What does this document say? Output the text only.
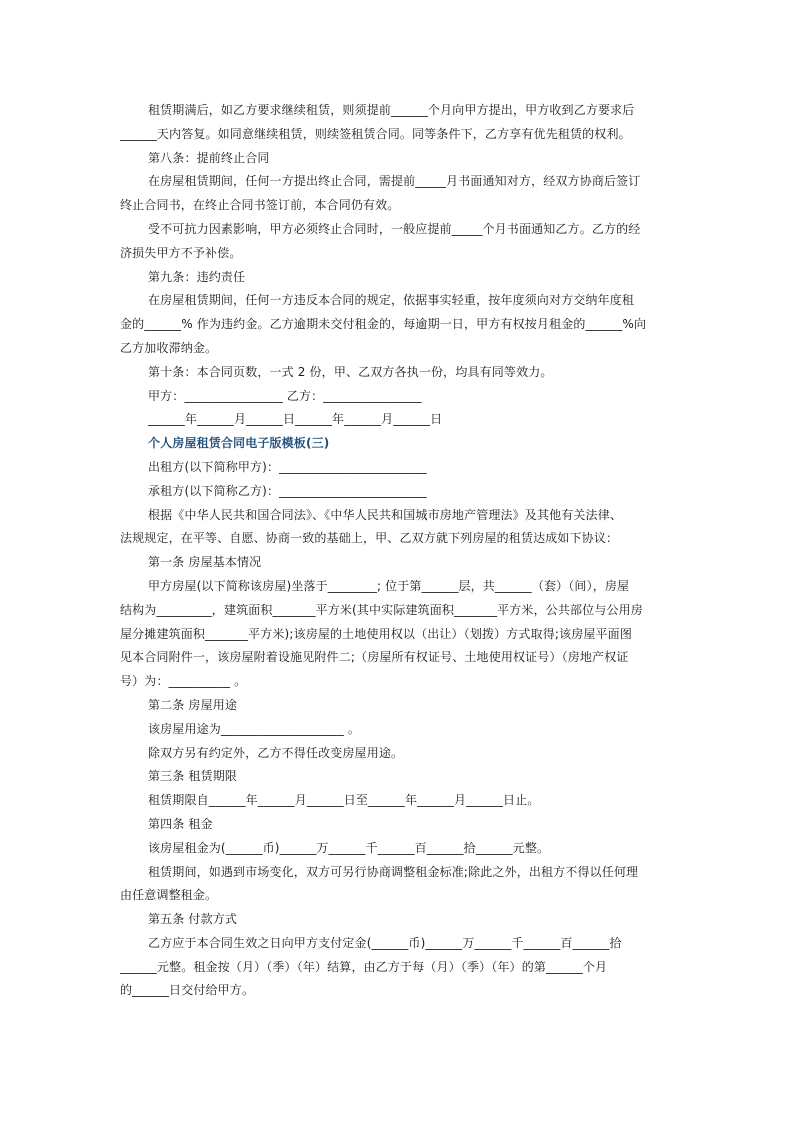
租赁期满后，如乙方要求继续租赁，则须提前______个月向甲方提出，甲方收到乙方要求后

______天内答复。如同意继续租赁，则续签租赁合同。同等条件下，乙方享有优先租赁的权利。

第八条：提前终止合同

在房屋租赁期间，任何一方提出终止合同，需提前_____月书面通知对方，经双方协商后签订

终止合同书，在终止合同书签订前，本合同仍有效。

受不可抗力因素影响，甲方必须终止合同时，一般应提前_____个月书面通知乙方。乙方的经

济损失甲方不予补偿。

第九条：违约责任

在房屋租赁期间，任何一方违反本合同的规定，依据事实轻重，按年度须向对方交纳年度租

金的______% 作为违约金。乙方逾期未交付租金的，每逾期一日，甲方有权按月租金的______%向

乙方加收滞纳金。

第十条：本合同页数，一式 2 份，甲、乙双方各执一份，均具有同等效力。

甲方：________________ 乙方：________________

______年______月______日______年______月______日

个人房屋租赁合同电子版模板(三)

出租方(以下简称甲方)：________________________

承租方(以下简称乙方)：________________________

根据《中华人民共和国合同法》、《中华人民共和国城市房地产管理法》及其他有关法律、

法规规定，在平等、自愿、协商一致的基础上，甲、乙双方就下列房屋的租赁达成如下协议：

第一条 房屋基本情况

甲方房屋(以下简称该房屋)坐落于________; 位于第______层，共______（套）（间），房屋

结构为_________，建筑面积_______平方米(其中实际建筑面积_______平方米，公共部位与公用房

屋分摊建筑面积_______平方米);该房屋的土地使用权以（出让）（划拨）方式取得;该房屋平面图

见本合同附件一，该房屋附着设施见附件二;（房屋所有权证号、土地使用权证号）（房地产权证

号）为：__________ 。

第二条 房屋用途

该房屋用途为____________________ 。

除双方另有约定外，乙方不得任改变房屋用途。

第三条 租赁期限

租赁期限自______年______月______日至______年______月______日止。

第四条 租金

该房屋租金为(______币)______万______千______百______拾______元整。

租赁期间，如遇到市场变化，双方可另行协商调整租金标准;除此之外，出租方不得以任何理

由任意调整租金。

第五条 付款方式

乙方应于本合同生效之日向甲方支付定金(______币)______万______千______百______拾

______元整。租金按（月）（季）（年）结算，由乙方于每（月）（季）（年）的第______个月

的______日交付给甲方。
